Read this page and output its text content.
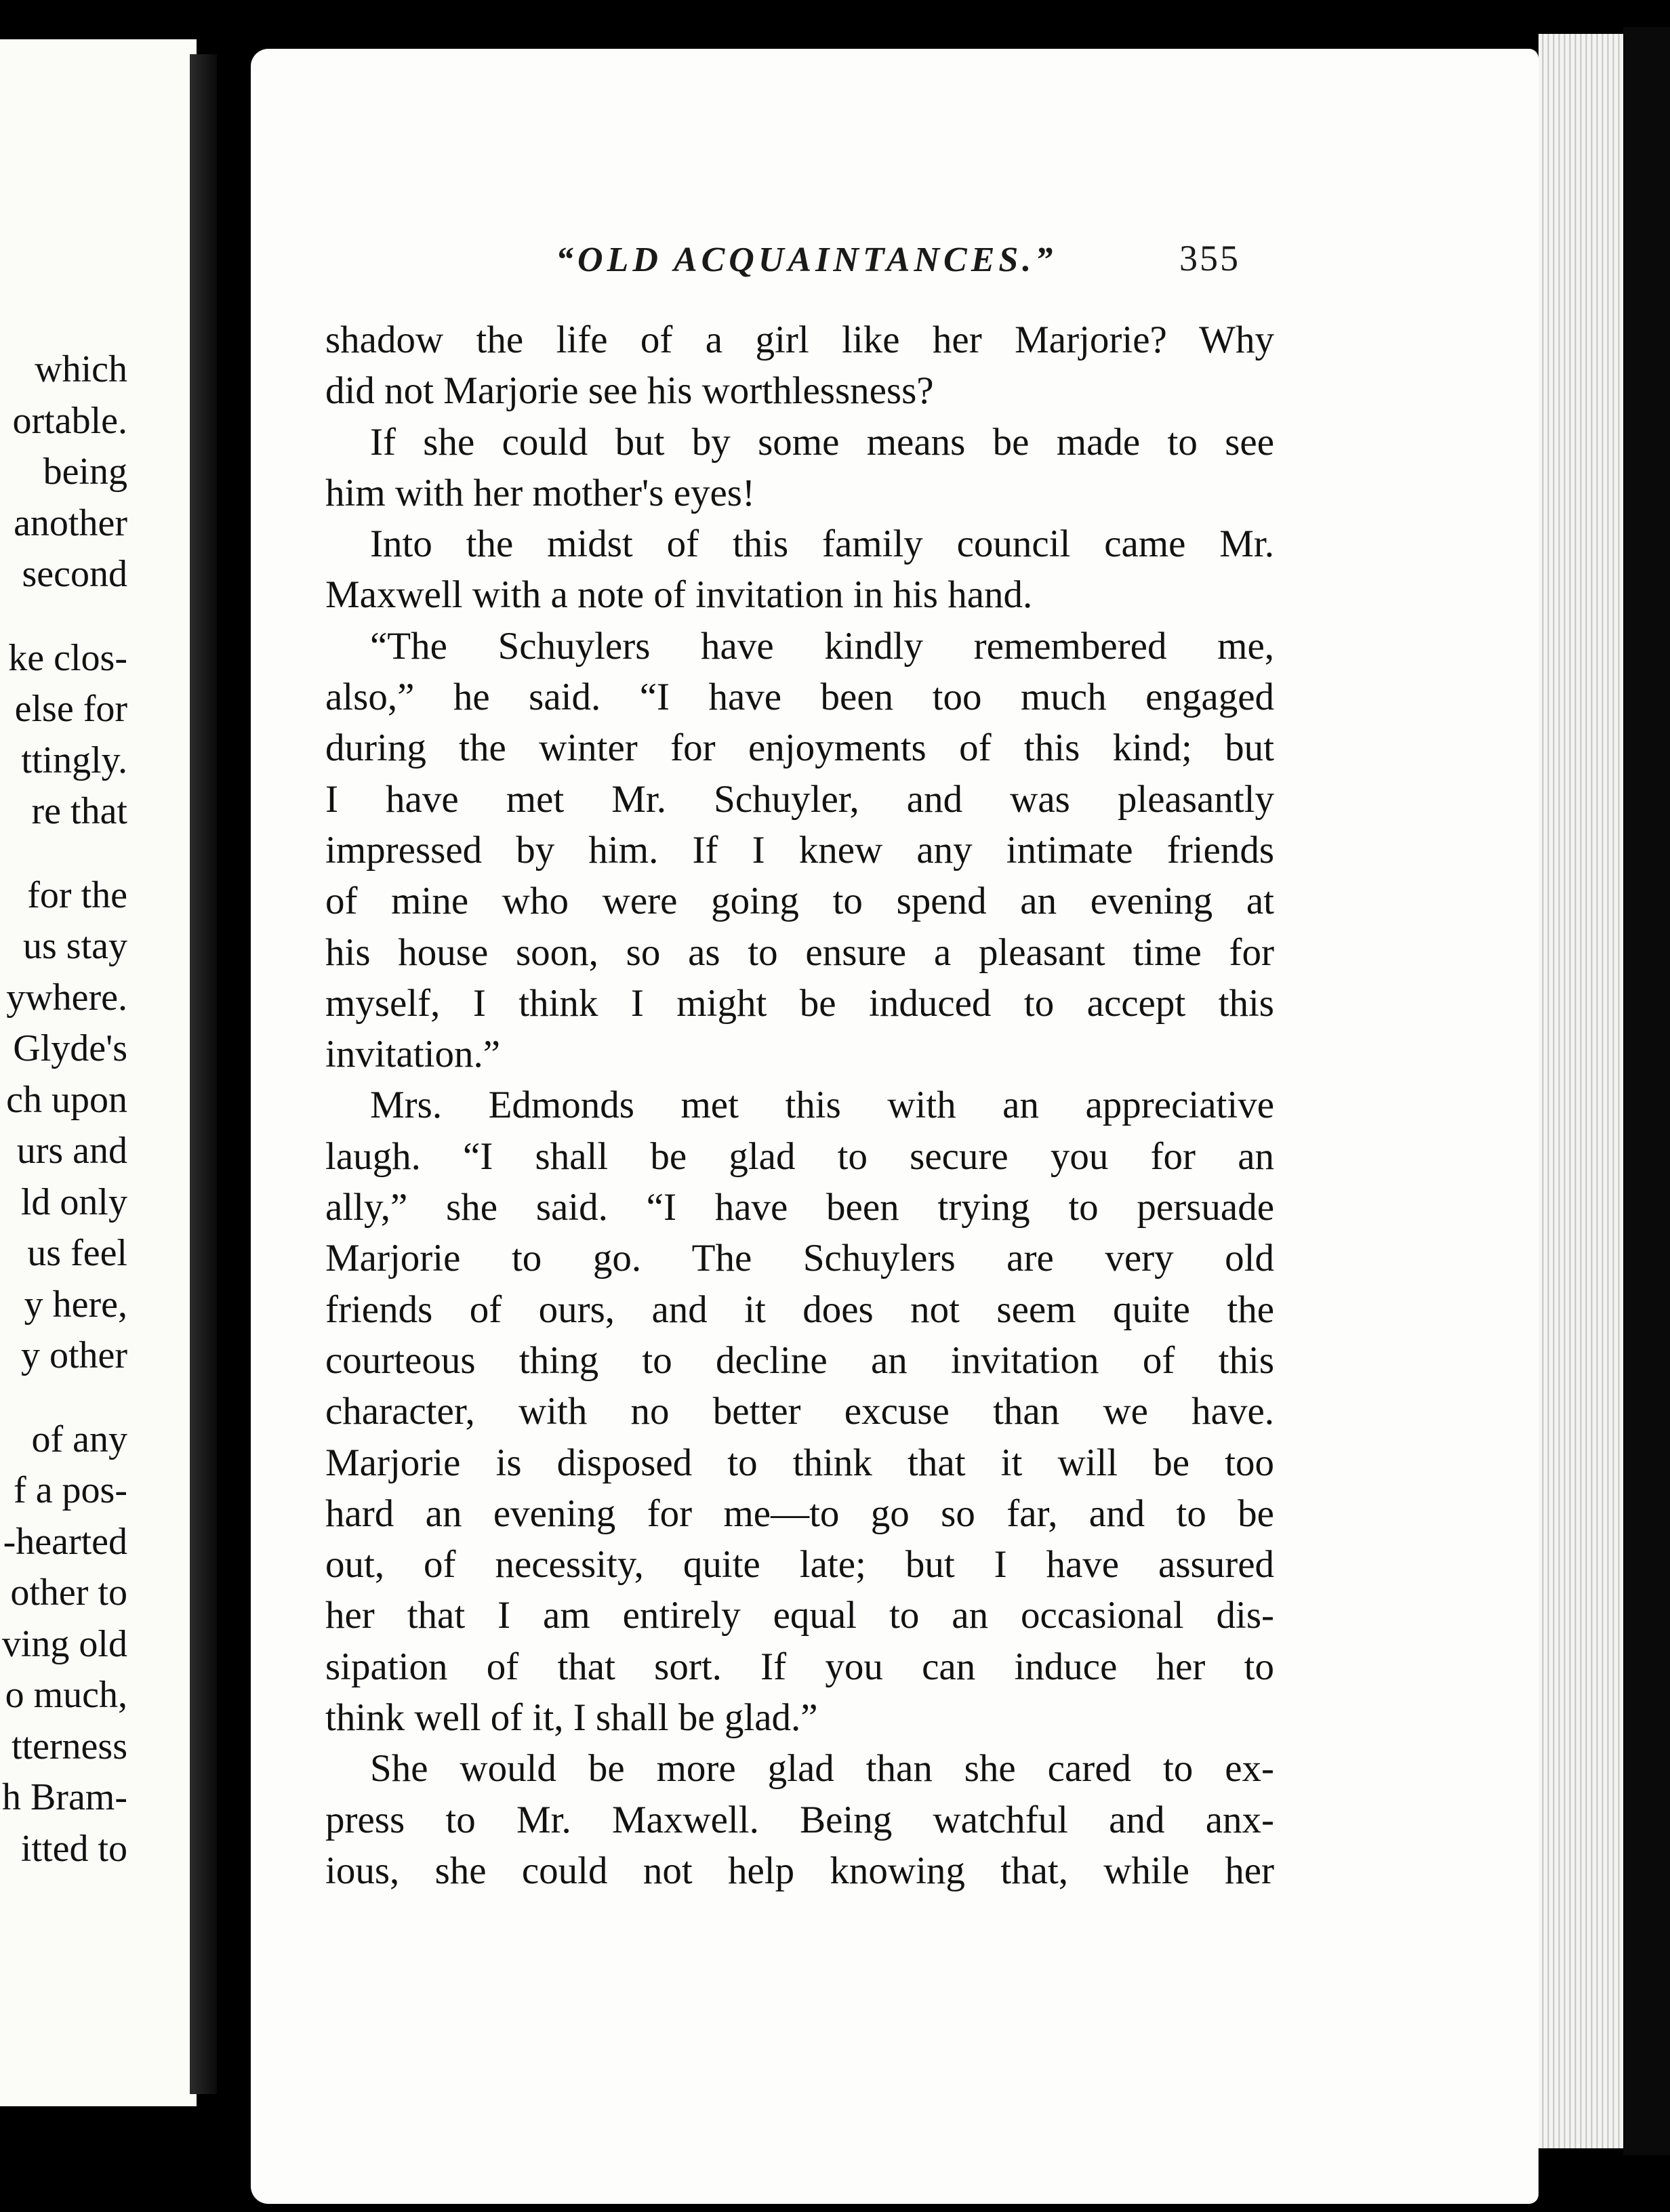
which
ortable.
being
another
second
ke clos-
else for
ttingly.
re that
for the
us stay
ywhere.
Glyde's
ch upon
urs and
ld only
us feel
y here,
y other
of any
f a pos-
-hearted
other to
ving old
o much,
tterness
h Bram-
itted to
“OLD ACQUAINTANCES.”	355
shadow the life of a girl like her Marjorie? Why
did not Marjorie see his worthlessness?
If she could but by some means be made to see
him with her mother's eyes!
Into the midst of this family council came Mr.
Maxwell with a note of invitation in his hand.
“The Schuylers have kindly remembered me,
also,” he said. “I have been too much engaged
during the winter for enjoyments of this kind; but
I have met Mr. Schuyler, and was pleasantly
impressed by him. If I knew any intimate friends
of mine who were going to spend an evening at
his house soon, so as to ensure a pleasant time for
myself, I think I might be induced to accept this
invitation.”
Mrs. Edmonds met this with an appreciative
laugh. “I shall be glad to secure you for an
ally,” she said. “I have been trying to persuade
Marjorie to go. The Schuylers are very old
friends of ours, and it does not seem quite the
courteous thing to decline an invitation of this
character, with no better excuse than we have.
Marjorie is disposed to think that it will be too
hard an evening for me—to go so far, and to be
out, of necessity, quite late; but I have assured
her that I am entirely equal to an occasional dis-
sipation of that sort. If you can induce her to
think well of it, I shall be glad.”
She would be more glad than she cared to ex-
press to Mr. Maxwell. Being watchful and anx-
ious, she could not help knowing that, while her
